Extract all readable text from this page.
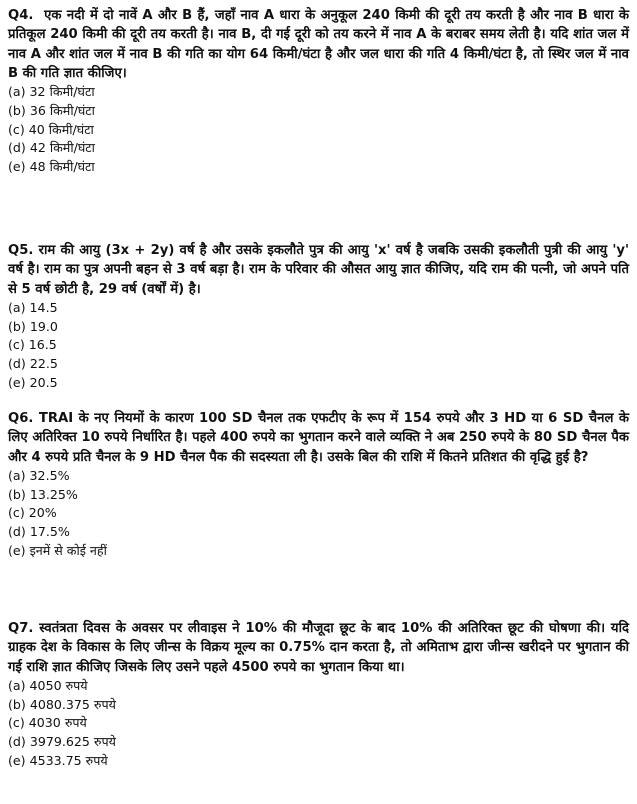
Q4. एक नदी में दो नावें A और B हैं, जहाँ नाव A धारा के अनुकूल 240 किमी की दूरी तय करती है और नाव B धारा के प्रतिकूल 240 किमी की दूरी तय करती है। नाव B, दी गई दूरी को तय करने में नाव A के बराबर समय लेती है। यदि शांत जल में नाव A और शांत जल में नाव B की गति का योग 64 किमी/घंटा है और जल धारा की गति 4 किमी/घंटा है, तो स्थिर जल में नाव B की गति ज्ञात कीजिए।

(a) 32 किमी/घंटा
(b) 36 किमी/घंटा
(c) 40 किमी/घंटा
(d) 42 किमी/घंटा
(e) 48 किमी/घंटा

Q5. राम की आयु (3x + 2y) वर्ष है और उसके इकलौते पुत्र की आयु 'x' वर्ष है जबकि उसकी इकलौती पुत्री की आयु 'y' वर्ष है। राम का पुत्र अपनी बहन से 3 वर्ष बड़ा है। राम के परिवार की औसत आयु ज्ञात कीजिए, यदि राम की पत्नी, जो अपने पति से 5 वर्ष छोटी है, 29 वर्ष (वर्षों में) है।

(a) 14.5
(b) 19.0
(c) 16.5
(d) 22.5
(e) 20.5

Q6. TRAI के नए नियमों के कारण 100 SD चैनल तक एफटीए के रूप में 154 रुपये और 3 HD या 6 SD चैनल के लिए अतिरिक्त 10 रुपये निर्धारित है। पहले 400 रुपये का भुगतान करने वाले व्यक्ति ने अब 250 रुपये के 80 SD चैनल पैक और 4 रुपये प्रति चैनल के 9 HD चैनल पैक की सदस्यता ली है। उसके बिल की राशि में कितने प्रतिशत की वृद्धि हुई है?

(a) 32.5%
(b) 13.25%
(c) 20%
(d) 17.5%
(e) इनमें से कोई नहीं

Q7. स्वतंत्रता दिवस के अवसर पर लीवाइस ने 10% की मौजूदा छूट के बाद 10% की अतिरिक्त छूट की घोषणा की। यदि ग्राहक देश के विकास के लिए जीन्स के विक्रय मूल्य का 0.75% दान करता है, तो अमिताभ द्वारा जीन्स खरीदने पर भुगतान की गई राशि ज्ञात कीजिए जिसके लिए उसने पहले 4500 रुपये का भुगतान किया था।

(a) 4050 रुपये
(b) 4080.375 रुपये
(c) 4030 रुपये
(d) 3979.625 रुपये
(e) 4533.75 रुपये
